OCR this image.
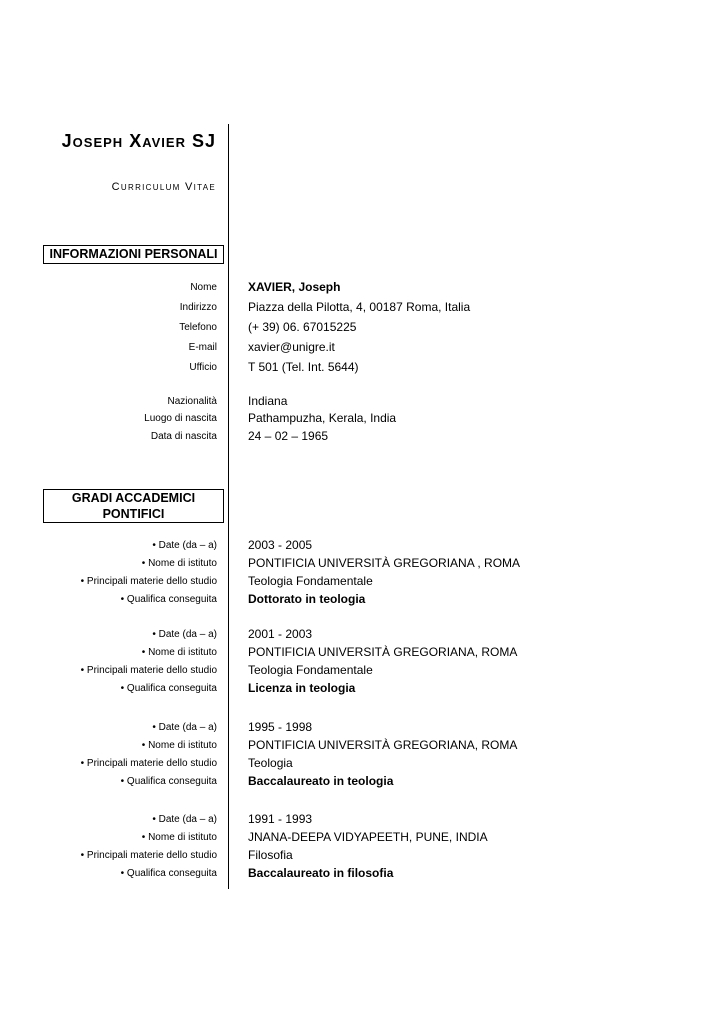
Joseph Xavier SJ
Curriculum Vitae
INFORMAZIONI PERSONALI
Nome	XAVIER, Joseph
Indirizzo	Piazza della Pilotta, 4, 00187 Roma, Italia
Telefono	(+ 39) 06. 67015225
E-mail	xavier@unigre.it
Ufficio	T 501 (Tel. Int. 5644)
Nazionalità	Indiana
Luogo di nascita	Pathampuzha, Kerala, India
Data di nascita	24 – 02 – 1965
GRADI ACCADEMICI PONTIFICI
• Date (da – a)	2003 - 2005
• Nome di istituto	PONTIFICIA UNIVERSITÀ GREGORIANA , ROMA
• Principali materie dello studio	Teologia Fondamentale
• Qualifica conseguita	Dottorato in teologia
• Date (da – a)	2001 - 2003
• Nome di istituto	PONTIFICIA UNIVERSITÀ GREGORIANA, ROMA
• Principali materie dello studio	Teologia Fondamentale
• Qualifica conseguita	Licenza in teologia
• Date (da – a)	1995 - 1998
• Nome di istituto	PONTIFICIA UNIVERSITÀ GREGORIANA, ROMA
• Principali materie dello studio	Teologia
• Qualifica conseguita	Baccalaureato in teologia
• Date (da – a)	1991 - 1993
• Nome di istituto	JNANA-DEEPA VIDYAPEETH, PUNE, INDIA
• Principali materie dello studio	Filosofia
• Qualifica conseguita	Baccalaureato in filosofia
